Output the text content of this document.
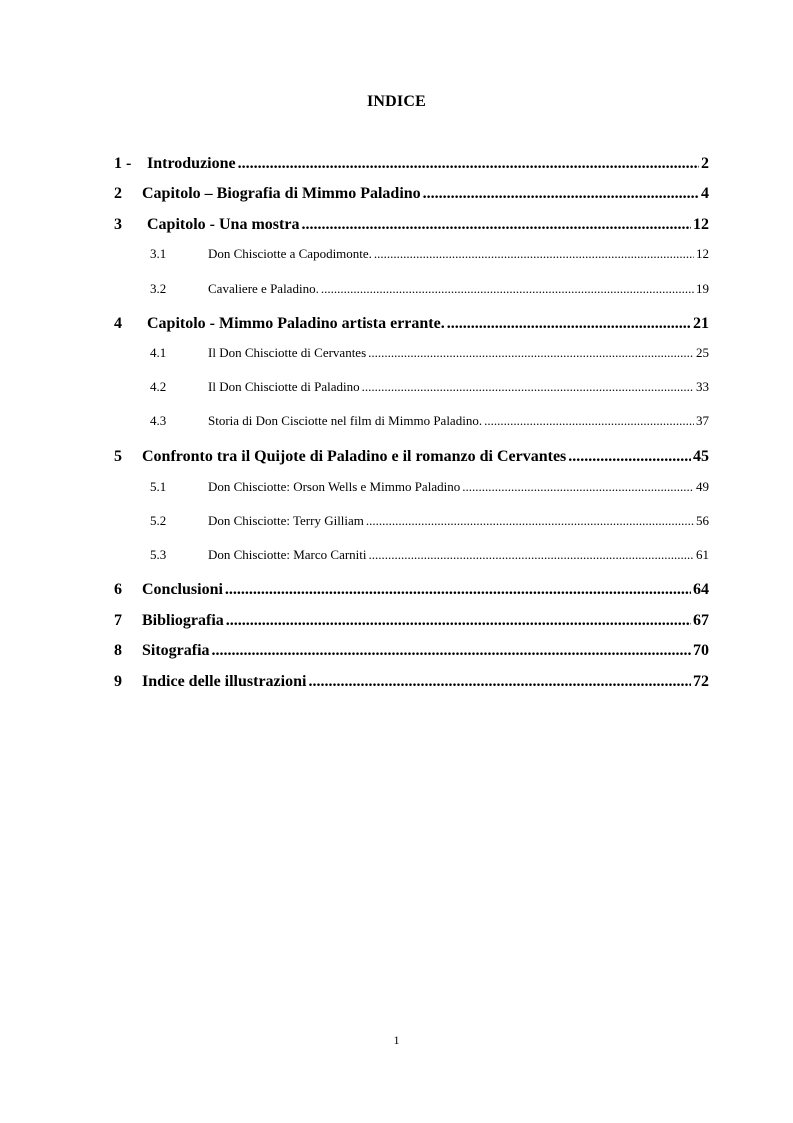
INDICE
1 - Introduzione .....	2
2	Capitolo – Biografia di Mimmo Paladino .....	4
3	Capitolo - Una mostra .....	12
3.1	Don Chisciotte a Capodimonte. .....	12
3.2	Cavaliere e Paladino. .....	19
4	Capitolo - Mimmo Paladino artista errante. .....	21
4.1	Il Don Chisciotte di Cervantes .....	25
4.2	Il Don Chisciotte di Paladino .....	33
4.3	Storia di Don Cisciotte nel film di Mimmo Paladino. .....	37
5	Confronto tra il Quijote di Paladino e il romanzo di Cervantes .....	45
5.1	Don Chisciotte: Orson Wells e Mimmo Paladino .....	49
5.2	Don Chisciotte: Terry Gilliam .....	56
5.3	Don Chisciotte: Marco Carniti .....	61
6	Conclusioni .....	64
7	Bibliografia .....	67
8	Sitografia .....	70
9	Indice delle illustrazioni .....	72
1
